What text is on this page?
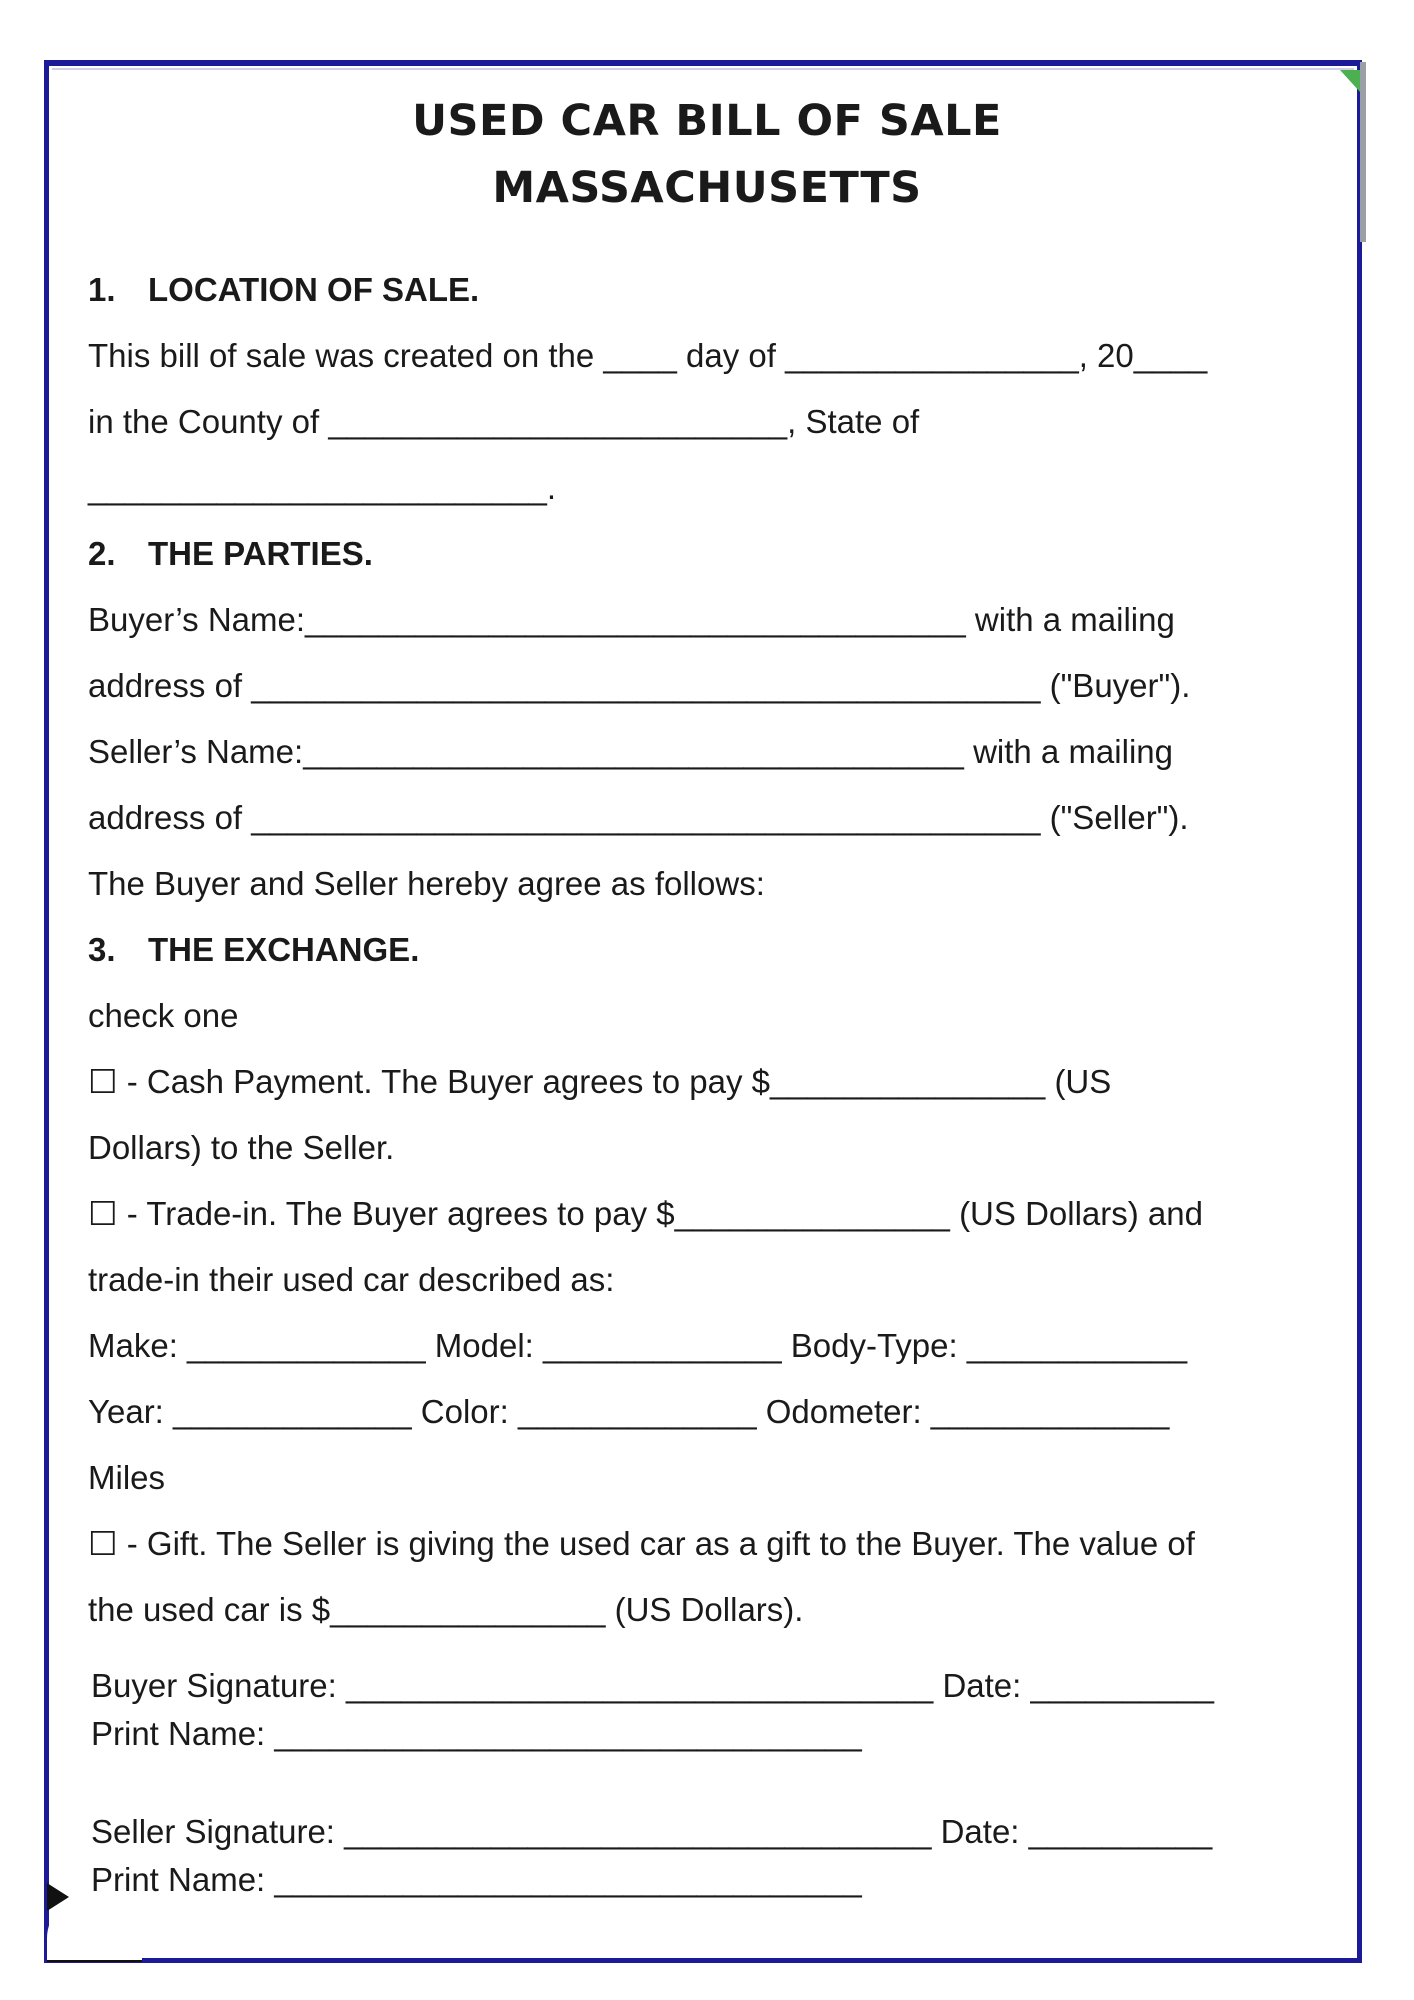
USED CAR BILL OF SALE
MASSACHUSETTS
1. LOCATION OF SALE.
This bill of sale was created on the ____ day of ________________, 20____
in the County of _________________________, State of
_________________________.
2. THE PARTIES.
Buyer’s Name:____________________________________ with a mailing
address of ___________________________________________ ("Buyer").
Seller’s Name:____________________________________ with a mailing
address of ___________________________________________ ("Seller").
The Buyer and Seller hereby agree as follows:
3. THE EXCHANGE.
check one
☐ - Cash Payment. The Buyer agrees to pay $_______________ (US
Dollars) to the Seller.
☐ - Trade-in. The Buyer agrees to pay $_______________ (US Dollars) and
trade-in their used car described as:
Make: _____________ Model: _____________ Body-Type: ____________
Year: _____________ Color: _____________ Odometer: _____________
Miles
☐ - Gift. The Seller is giving the used car as a gift to the Buyer. The value of
the used car is $_______________ (US Dollars).
Buyer Signature: ________________________________ Date: __________
Print Name: ________________________________
Seller Signature: ________________________________ Date: __________
Print Name: ________________________________
